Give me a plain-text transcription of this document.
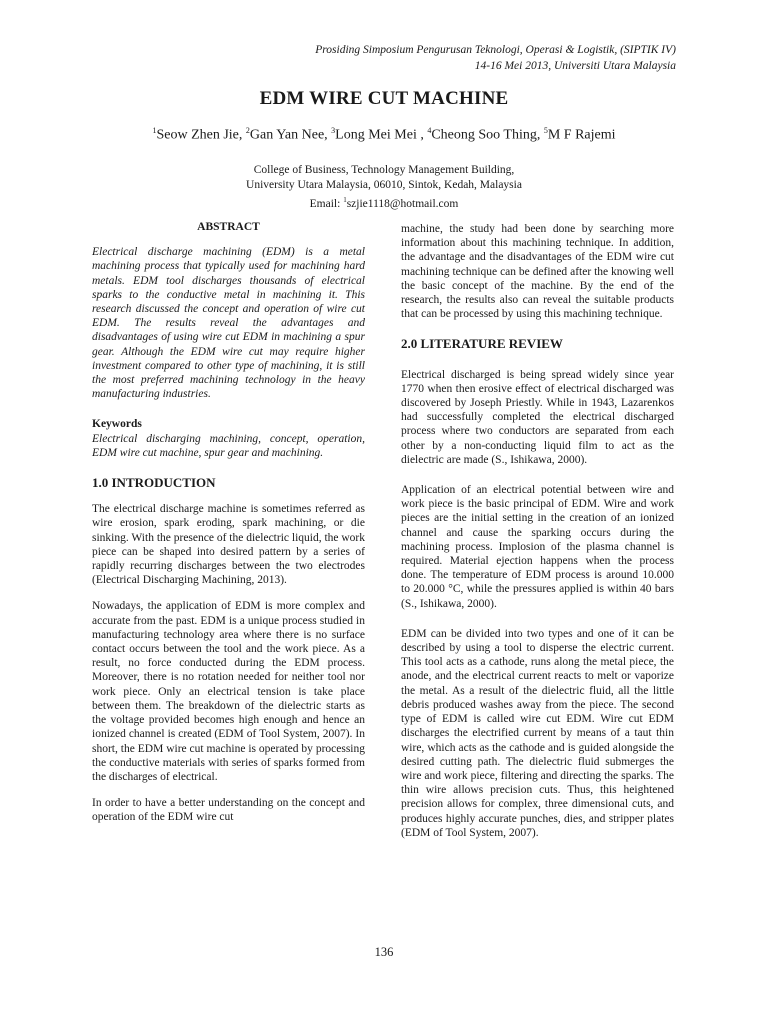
Prosiding Simposium Pengurusan Teknologi, Operasi & Logistik, (SIPTIK IV)
14-16 Mei 2013, Universiti Utara Malaysia
EDM WIRE CUT MACHINE
$^1$Seow Zhen Jie, $^2$Gan Yan Nee, $^3$Long Mei Mei , $^4$Cheong Soo Thing, $^5$M F Rajemi
College of Business, Technology Management Building,
University Utara Malaysia, 06010, Sintok, Kedah, Malaysia
Email: $^1$szjie1118@hotmail.com
ABSTRACT

Electrical discharge machining (EDM) is a metal machining process that typically used for machining hard metals. EDM tool discharges thousands of electrical sparks to the conductive metal in machining it. This research discussed the concept and operation of wire cut EDM. The results reveal the advantages and disadvantages of using wire cut EDM in machining a spur gear. Although the EDM wire cut may require higher investment compared to other type of machining, it is still the most preferred machining technology in the heavy manufacturing industries.

Keywords

Electrical discharging machining, concept, operation, EDM wire cut machine, spur gear and machining.

1.0 INTRODUCTION

The electrical discharge machine is sometimes referred as wire erosion, spark eroding, spark machining, or die sinking. With the presence of the dielectric liquid, the work piece can be shaped into desired pattern by a series of rapidly recurring discharges between the two electrodes (Electrical Discharging Machining, 2013).

Nowadays, the application of EDM is more complex and accurate from the past. EDM is a unique process studied in manufacturing technology area where there is no surface contact occurs between the tool and the work piece. As a result, no force conducted during the EDM process. Moreover, there is no rotation needed for neither tool nor work piece. Only an electrical tension is take place between them. The breakdown of the dielectric starts as the voltage provided becomes high enough and hence an ionized channel is created (EDM of Tool System, 2007). In short, the EDM wire cut machine is operated by processing the conductive materials with series of sparks formed from the discharges of electrical.

In order to have a better understanding on the concept and operation of the EDM wire cut

machine, the study had been done by searching more information about this machining technique. In addition, the advantage and the disadvantages of the EDM wire cut machining technique can be defined after the knowing well the basic concept of the machine. By the end of the research, the results also can reveal the suitable products that can be processed by using this machining technique.

2.0 LITERATURE REVIEW

Electrical discharged is being spread widely since year 1770 when then erosive effect of electrical discharged was discovered by Joseph Priestly. While in 1943, Lazarenkos had successfully completed the electrical discharged process where two conductors are separated from each other by a non-conducting liquid film to act as the dielectric are made (S., Ishikawa, 2000).

Application of an electrical potential between wire and work piece is the basic principal of EDM. Wire and work pieces are the initial setting in the creation of an ionized channel and cause the sparking occurs during the machining process. Implosion of the plasma channel is required. Material ejection happens when the process done. The temperature of EDM process is around 10.000 to 20.000 °C, while the pressures applied is within 40 bars (S., Ishikawa, 2000).

EDM can be divided into two types and one of it can be described by using a tool to disperse the electric current. This tool acts as a cathode, runs along the metal piece, the anode, and the electrical current reacts to melt or vaporize the metal. As a result of the dielectric fluid, all the little debris produced washes away from the piece. The second type of EDM is called wire cut EDM. Wire cut EDM discharges the electrified current by means of a taut thin wire, which acts as the cathode and is guided alongside the desired cutting path. The dielectric fluid submerges the wire and work piece, filtering and directing the sparks. The thin wire allows precision cuts. Thus, this heightened precision allows for complex, three dimensional cuts, and produces highly accurate punches, dies, and stripper plates (EDM of Tool System, 2007).

136
